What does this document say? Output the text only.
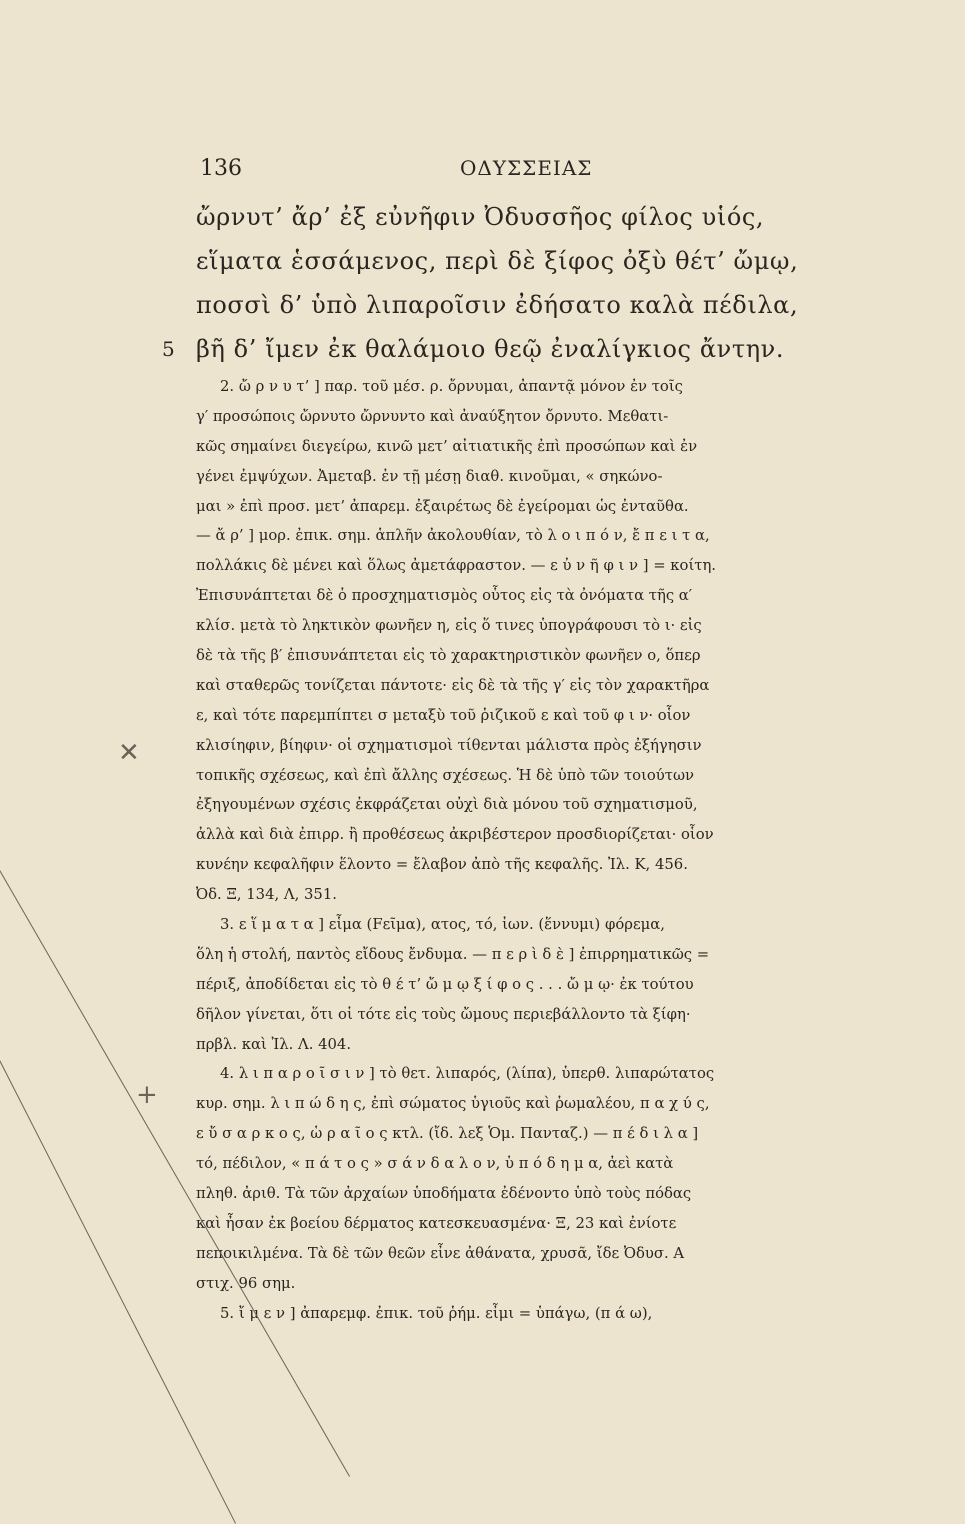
136	ΟΔΥΣΣΕΙΑΣ
ὤρνυτ’ ἄρ’ ἐξ εὐνῆφιν Ὀδυσσῆος φίλος υἱός,
εἵματα ἑσσάμενος, περὶ δὲ ξίφος ὀξὺ θέτ’ ὤμῳ,
ποσσὶ δ’ ὑπὸ λιπαροῖσιν ἐδήσατο καλὰ πέδιλα,
5 βῆ δ’ ἴμεν ἐκ θαλάμοιο θεῷ ἐναλίγκιος ἄντην.
2. ὤ ρ ν υ τ’ ] παρ. τοῦ μέσ. ρ. ὄρνυμαι, ἀπαντᾷ μόνον ἐν τοῖς
γ′ προσώποις ὤρνυτο ὤρνυντο καὶ ἀναύξητον ὄρνυτο. Μεθατι-
κῶς σημαίνει διεγείρω, κινῶ μετ’ αἰτιατικῆς ἐπὶ προσώπων καὶ ἐν
γένει ἐμψύχων. Ἀμεταβ. ἐν τῇ μέσῃ διαθ. κινοῦμαι, « σηκώνο-
μαι » ἐπὶ προσ. μετ’ ἀπαρεμ. ἐξαιρέτως δὲ ἐγείρομαι ὡς ἐνταῦθα.
— ἄ ρ’ ] μορ. ἐπικ. σημ. ἁπλῆν ἀκολουθίαν, τὸ λ ο ι π ό ν, ἔ π ε ι τ α,
πολλάκις δὲ μένει καὶ ὅλως ἀμετάφραστον. — ε ὐ ν ῆ φ ι ν ] = κοίτη.
Ἐπισυνάπτεται δὲ ὁ προσχηματισμὸς οὗτος εἰς τὰ ὀνόματα τῆς α′
κλίσ. μετὰ τὸ ληκτικὸν φωνῆεν η, εἰς ὅ τινες ὑπογράφουσι τὸ ι· εἰς
δὲ τὰ τῆς β′ ἐπισυνάπτεται εἰς τὸ χαρακτηριστικὸν φωνῆεν ο, ὅπερ
καὶ σταθερῶς τονίζεται πάντοτε· εἰς δὲ τὰ τῆς γ′ εἰς τὸν χαρακτῆρα
ε, καὶ τότε παρεμπίπτει σ μεταξὺ τοῦ ῥιζικοῦ ε καὶ τοῦ φ ι ν· οἷον
κλισίηφιν, βίηφιν· οἱ σχηματισμοὶ τίθενται μάλιστα πρὸς ἐξήγησιν
τοπικῆς σχέσεως, καὶ ἐπὶ ἄλλης σχέσεως. Ἡ δὲ ὑπὸ τῶν τοιούτων
ἐξηγουμένων σχέσις ἐκφράζεται οὐχὶ διὰ μόνου τοῦ σχηματισμοῦ,
ἀλλὰ καὶ διὰ ἐπιρρ. ἢ προθέσεως ἀκριβέστερον προσδιορίζεται· οἷον
κυνέην κεφαλῆφιν ἕλοντο = ἔλαβον ἀπὸ τῆς κεφαλῆς. Ἰλ. Κ, 456.
Ὀδ. Ξ, 134, Λ, 351.
3. ε ἵ μ α τ α ] εἷμα (Fεῖμα), ατος, τό, ἰων. (ἕννυμι) φόρεμα,
ὅλη ἡ στολή, παντὸς εἴδους ἔνδυμα. — π ε ρ ὶ δ ὲ ] ἐπιρρηματικῶς =
πέριξ, ἀποδίδεται εἰς τὸ θ έ τ’ ὤ μ ῳ ξ ί φ ο ς . . . ὤ μ ῳ· ἐκ τούτου
δῆλον γίνεται, ὅτι οἱ τότε εἰς τοὺς ὤμους περιεβάλλοντο τὰ ξίφη·
πρβλ. καὶ Ἰλ. Λ. 404.
4. λ ι π α ρ ο ῖ σ ι ν ] τὸ θετ. λιπαρός, (λίπα), ὑπερθ. λιπαρώτατος
κυρ. σημ. λ ι π ώ δ η ς, ἐπὶ σώματος ὑγιοῦς καὶ ῥωμαλέου, π α χ ύ ς,
ε ὔ σ α ρ κ ο ς, ὡ ρ α ῖ ο ς κτλ. (ἴδ. λεξ Ὁμ. Πανταζ.) — π έ δ ι λ α ]
τό, πέδιλον, « π ά τ ο ς » σ ά ν δ α λ ο ν, ὑ π ό δ η μ α, ἀεὶ κατὰ
πληθ. ἀριθ. Τὰ τῶν ἀρχαίων ὑποδήματα ἐδένοντο ὑπὸ τοὺς πόδας
καὶ ἦσαν ἐκ βοείου δέρματος κατεσκευασμένα· Ξ, 23 καὶ ἐνίοτε
πεποικιλμένα. Τὰ δὲ τῶν θεῶν εἶνε ἀθάνατα, χρυσᾶ, ἴδε Ὀδυσ. Α
στιχ. 96 σημ.
5. ἴ μ ε ν ] ἀπαρεμφ. ἐπικ. τοῦ ῥήμ. εἶμι = ὑπάγω, (π ά ω),
✕
+
